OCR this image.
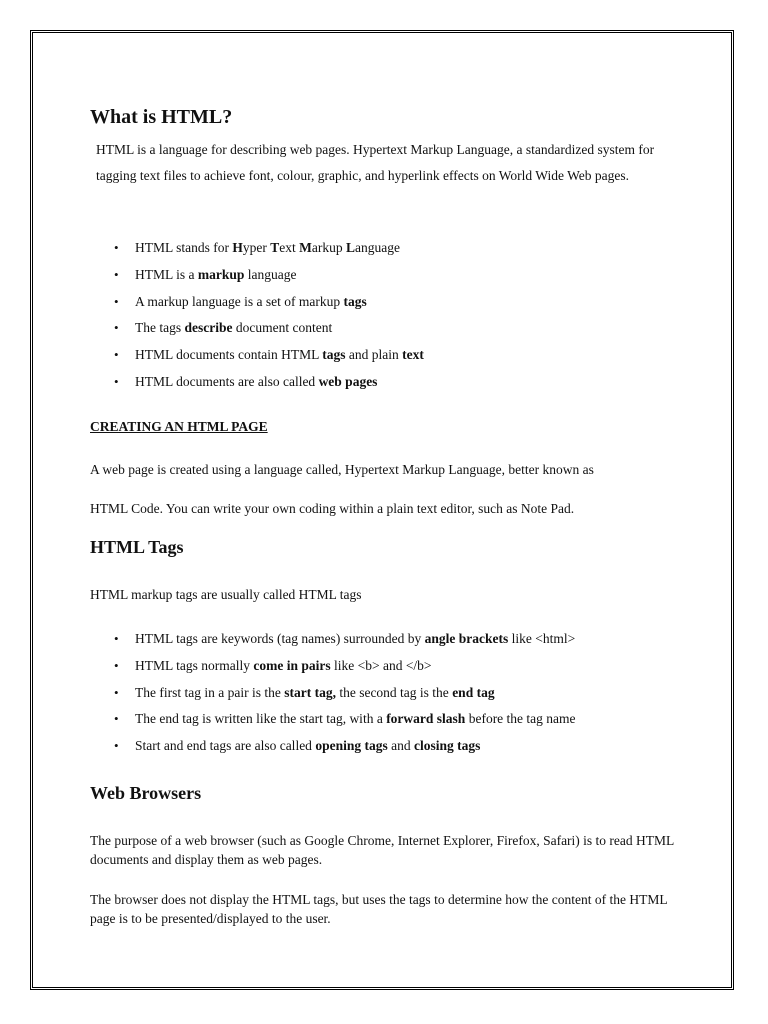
What is HTML?

HTML is a language for describing web pages. Hypertext Markup Language, a standardized system for tagging text files to achieve font, colour, graphic, and hyperlink effects on World Wide Web pages.

• HTML stands for Hyper Text Markup Language
• HTML is a markup language
• A markup language is a set of markup tags
• The tags describe document content
• HTML documents contain HTML tags and plain text
• HTML documents are also called web pages
CREATING AN HTML PAGE

A web page is created using a language called, Hypertext Markup Language, better known as

HTML Code. You can write your own coding within a plain text editor, such as Note Pad.

HTML Tags

HTML markup tags are usually called HTML tags

• HTML tags are keywords (tag names) surrounded by angle brackets like <html>
• HTML tags normally come in pairs like <b> and </b>
• The first tag in a pair is the start tag, the second tag is the end tag
• The end tag is written like the start tag, with a forward slash before the tag name
• Start and end tags are also called opening tags and closing tags
Web Browsers

The purpose of a web browser (such as Google Chrome, Internet Explorer, Firefox, Safari) is to read HTML documents and display them as web pages.

The browser does not display the HTML tags, but uses the tags to determine how the content of the HTML page is to be presented/displayed to the user.
